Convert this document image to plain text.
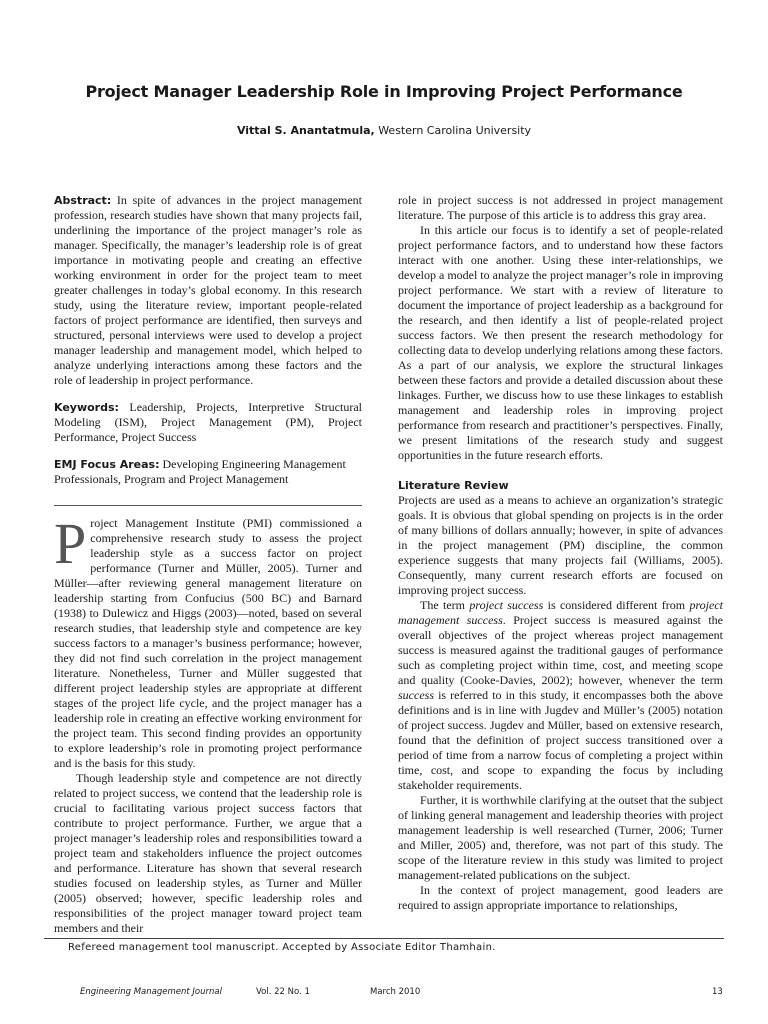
Project Manager Leadership Role in Improving Project Performance
Vittal S. Anantatmula, Western Carolina University

Abstract: In spite of advances in the project management profession, research studies have shown that many projects fail, underlining the importance of the project manager’s role as manager. Specifically, the manager’s leadership role is of great importance in motivating people and creating an effective working environment in order for the project team to meet greater challenges in today’s global economy. In this research study, using the literature review, important people-related factors of project performance are identified, then surveys and structured, personal interviews were used to develop a project manager leadership and management model, which helped to analyze underlying interactions among these factors and the role of leadership in project performance.

Keywords: Leadership, Projects, Interpretive Structural Modeling (ISM), Project Management (PM), Project Performance, Project Success

EMJ Focus Areas: Developing Engineering Management Professionals, Program and Project Management

Project Management Institute (PMI) commissioned a comprehensive research study to assess the project leadership style as a success factor on project performance (Turner and Müller, 2005). Turner and Müller—after reviewing general management literature on leadership starting from Confucius (500 BC) and Barnard (1938) to Dulewicz and Higgs (2003)—noted, based on several research studies, that leadership style and competence are key success factors to a manager’s business performance; however, they did not find such correlation in the project management literature. Nonetheless, Turner and Müller suggested that different project leadership styles are appropriate at different stages of the project life cycle, and the project manager has a leadership role in creating an effective working environment for the project team. This second finding provides an opportunity to explore leadership’s role in promoting project performance and is the basis for this study.

Though leadership style and competence are not directly related to project success, we contend that the leadership role is crucial to facilitating various project success factors that contribute to project performance. Further, we argue that a project manager’s leadership roles and responsibilities toward a project team and stakeholders influence the project outcomes and performance. Literature has shown that several research studies focused on leadership styles, as Turner and Müller (2005) observed; however, specific leadership roles and responsibilities of the project manager toward project team members and their

role in project success is not addressed in project management literature. The purpose of this article is to address this gray area.

In this article our focus is to identify a set of people-related project performance factors, and to understand how these factors interact with one another. Using these inter-relationships, we develop a model to analyze the project manager’s role in improving project performance. We start with a review of literature to document the importance of project leadership as a background for the research, and then identify a list of people-related project success factors. We then present the research methodology for collecting data to develop underlying relations among these factors. As a part of our analysis, we explore the structural linkages between these factors and provide a detailed discussion about these linkages. Further, we discuss how to use these linkages to establish management and leadership roles in improving project performance from research and practitioner’s perspectives. Finally, we present limitations of the research study and suggest opportunities in the future research efforts.

Literature Review

Projects are used as a means to achieve an organization’s strategic goals. It is obvious that global spending on projects is in the order of many billions of dollars annually; however, in spite of advances in the project management (PM) discipline, the common experience suggests that many projects fail (Williams, 2005). Consequently, many current research efforts are focused on improving project success.

The term project success is considered different from project management success. Project success is measured against the overall objectives of the project whereas project management success is measured against the traditional gauges of performance such as completing project within time, cost, and meeting scope and quality (Cooke-Davies, 2002); however, whenever the term success is referred to in this study, it encompasses both the above definitions and is in line with Jugdev and Müller’s (2005) notation of project success. Jugdev and Müller, based on extensive research, found that the definition of project success transitioned over a period of time from a narrow focus of completing a project within time, cost, and scope to expanding the focus by including stakeholder requirements.

Further, it is worthwhile clarifying at the outset that the subject of linking general management and leadership theories with project management leadership is well researched (Turner, 2006; Turner and Miller, 2005) and, therefore, was not part of this study. The scope of the literature review in this study was limited to project management-related publications on the subject.

In the context of project management, good leaders are required to assign appropriate importance to relationships,

Refereed management tool manuscript. Accepted by Associate Editor Thamhain.
Engineering Management Journal	Vol. 22 No. 1	March 2010	13
